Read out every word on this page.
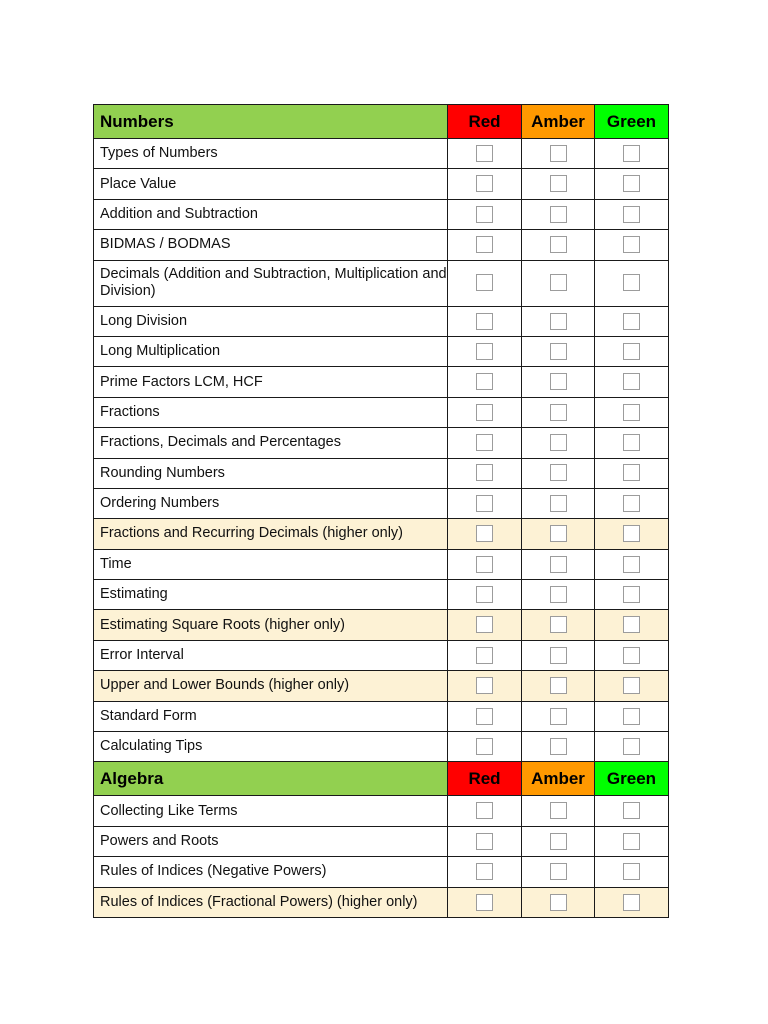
Numbers	Red	Amber	Green
Types of Numbers			
Place Value			
Addition and Subtraction			
BIDMAS / BODMAS			
Decimals (Addition and Subtraction, Multiplication and Division)			
Long Division			
Long Multiplication			
Prime Factors LCM, HCF			
Fractions			
Fractions, Decimals and Percentages			
Rounding Numbers			
Ordering Numbers			
Fractions and Recurring Decimals (higher only)			
Time			
Estimating			
Estimating Square Roots (higher only)			
Error Interval			
Upper and Lower Bounds (higher only)			
Standard Form			
Calculating Tips			
Algebra	Red	Amber	Green
Collecting Like Terms			
Powers and Roots			
Rules of Indices (Negative Powers)			
Rules of Indices (Fractional Powers) (higher only)			
